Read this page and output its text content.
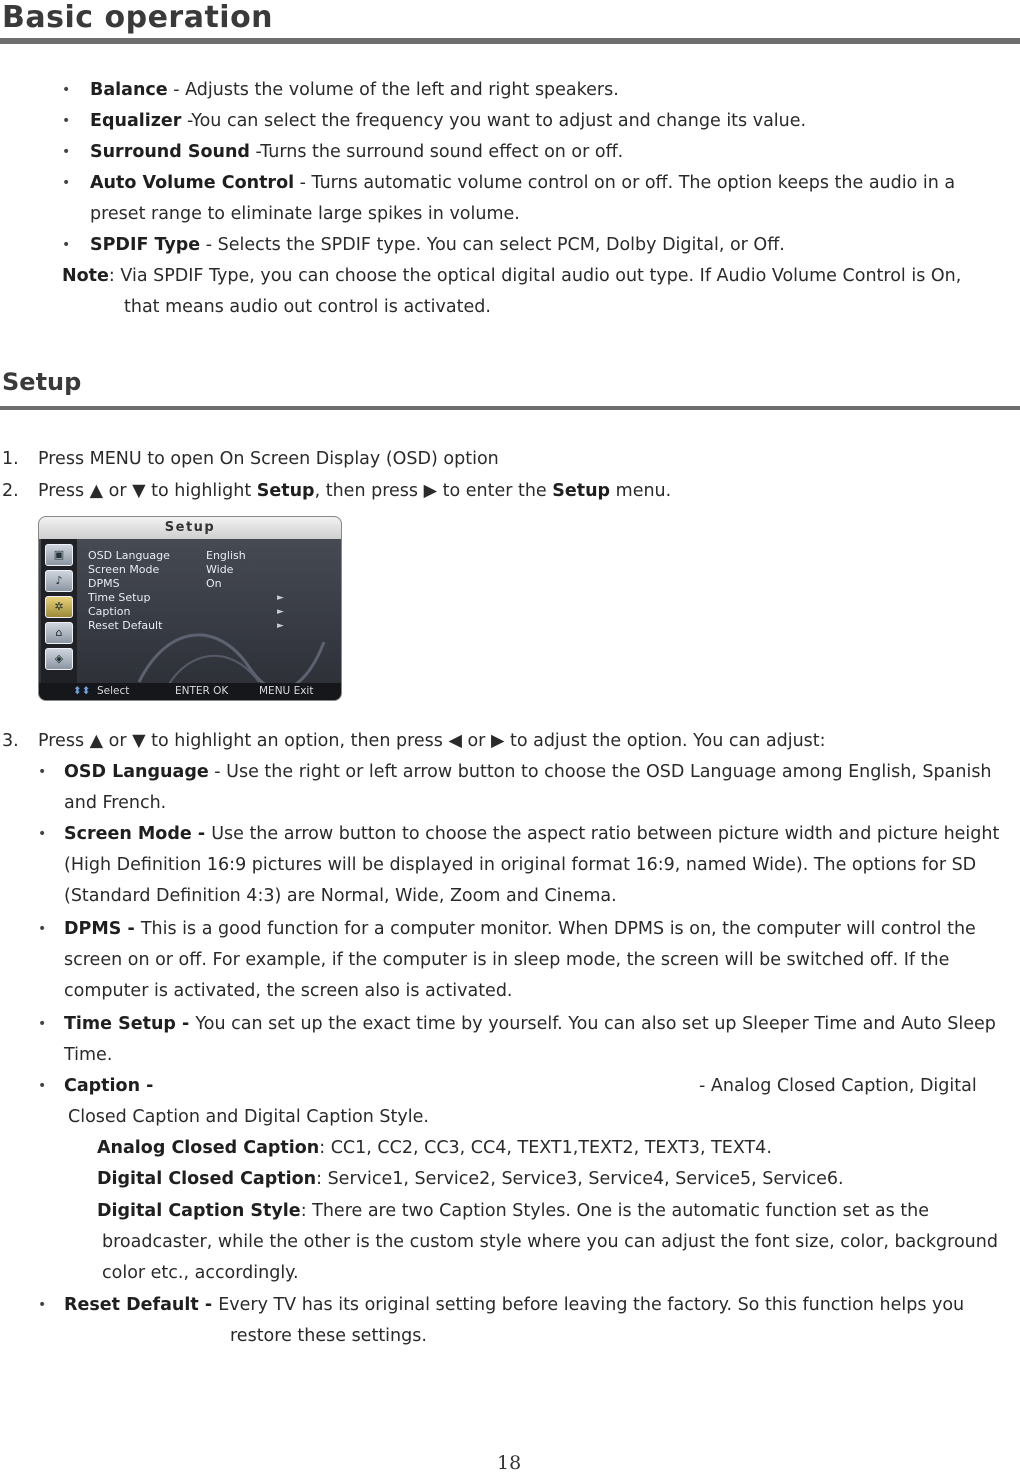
Basic operation
• Balance - Adjusts the volume of the left and right speakers.
• Equalizer -You can select the frequency you want to adjust and change its value.
• Surround Sound -Turns the surround sound effect on or off.
• Auto Volume Control - Turns automatic volume control on or off. The option keeps the audio in a
preset range to eliminate large spikes in volume.
• SPDIF Type - Selects the SPDIF type. You can select PCM, Dolby Digital, or Off.
Note: Via SPDIF Type, you can choose the optical digital audio out type. If Audio Volume Control is On,
that means audio out control is activated.
Setup
1. Press MENU to open On Screen Display (OSD) option
2. Press ▲ or ▼ to highlight Setup, then press ▶ to enter the Setup menu.
Setup
▣
♪
✲
⌂
◈
OSD Language	English
Screen Mode	Wide
DPMS	On
Time Setup	►
Caption	►
Reset Default	►
⬍⬍ Select	ENTER OK	MENU Exit
3. Press ▲ or ▼ to highlight an option, then press ◀ or ▶ to adjust the option. You can adjust:
• OSD Language - Use the right or left arrow button to choose the OSD Language among English, Spanish
and French.
• Screen Mode - Use the arrow button to choose the aspect ratio between picture width and picture height
(High Definition 16:9 pictures will be displayed in original format 16:9, named Wide). The options for SD
(Standard Definition 4:3) are Normal, Wide, Zoom and Cinema.
• DPMS - This is a good function for a computer monitor. When DPMS is on, the computer will control the
screen on or off. For example, if the computer is in sleep mode, the screen will be switched off. If the
computer is activated, the screen also is activated.
• Time Setup - You can set up the exact time by yourself. You can also set up Sleeper Time and Auto Sleep
Time.
• Caption -	- Analog Closed Caption, Digital
Closed Caption and Digital Caption Style.
Analog Closed Caption: CC1, CC2, CC3, CC4, TEXT1,TEXT2, TEXT3, TEXT4.
Digital Closed Caption: Service1, Service2, Service3, Service4, Service5, Service6.
Digital Caption Style: There are two Caption Styles. One is the automatic function set as the
broadcaster, while the other is the custom style where you can adjust the font size, color, background
color etc., accordingly.
• Reset Default - Every TV has its original setting before leaving the factory. So this function helps you
restore these settings.
18
